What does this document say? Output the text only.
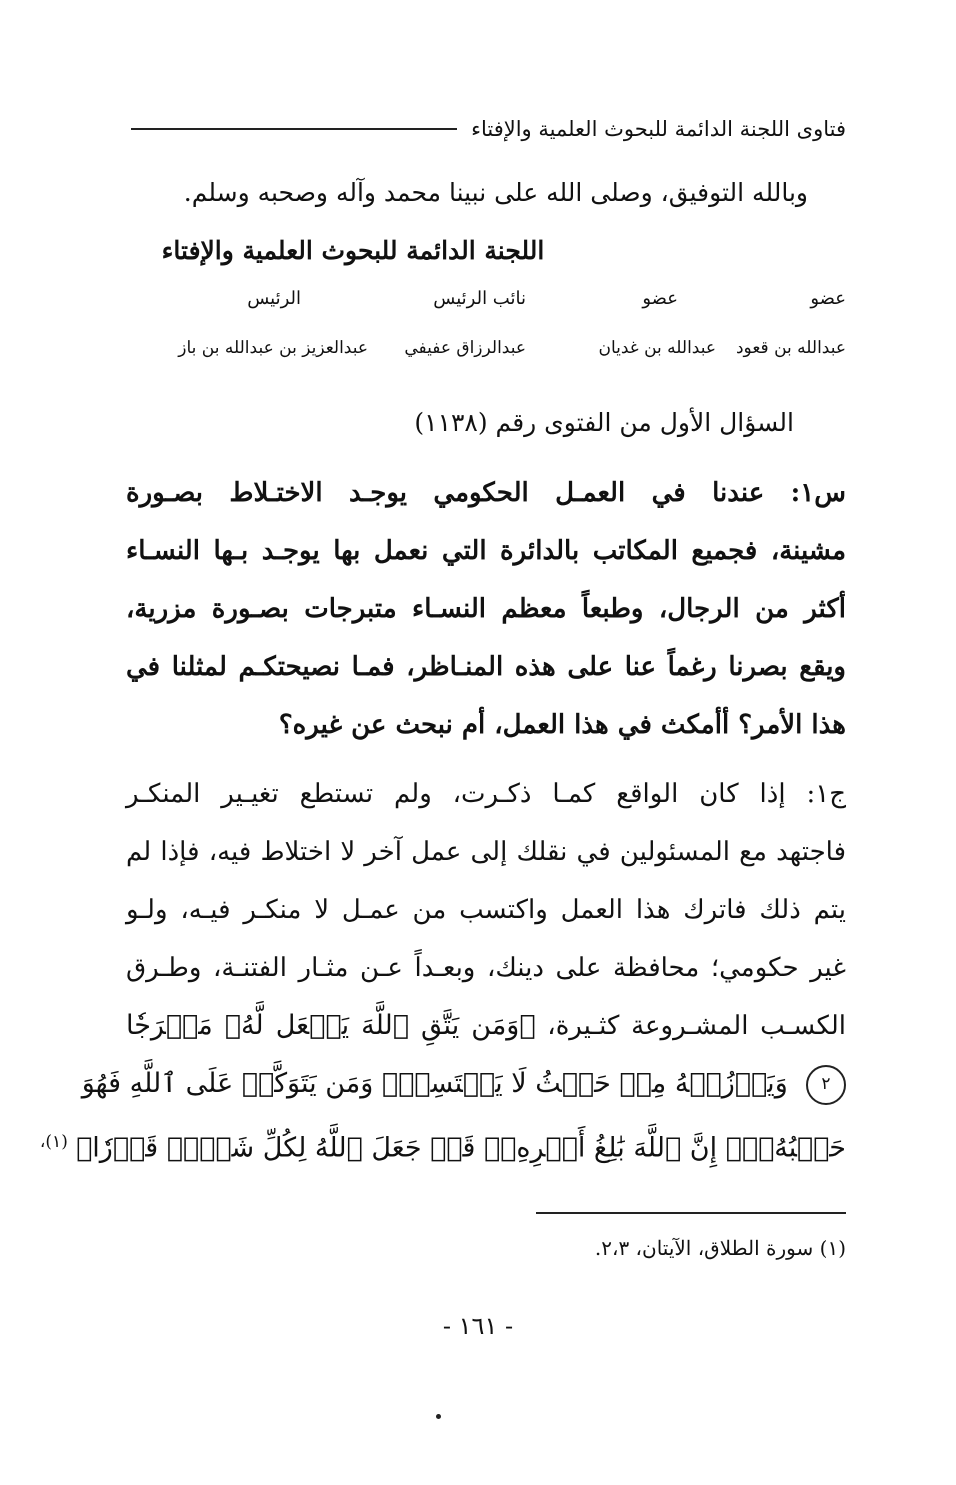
فتاوى اللجنة الدائمة للبحوث العلمية والإفتاء
وبالله التوفيق، وصلى الله على نبينا محمد وآله وصحبه وسلم.
اللجنة الدائمة للبحوث العلمية والإفتاء
عضو
عضو
نائب الرئيس
الرئيس
عبدالله بن قعود
عبدالله بن غديان
عبدالرزاق عفيفي
عبدالعزيز بن عبدالله بن باز
السؤال الأول من الفتوى رقم (١١٣٨)
س١: عندنا في العمـل الحكومي يوجـد الاختـلاط بصـورة
مشينة، فجميع المكاتب بالدائرة التي نعمل بها يوجـد بـها النسـاء
أكثر من الرجال، وطبعاً معظم النسـاء متبرجات بصـورة مزرية،
ويقع بصرنا رغماً عنا على هذه المنـاظر، فمـا نصيحتكـم لمثلنا في
هذا الأمر؟ أأمكث في هذا العمل، أم نبحث عن غيره؟
ج١: إذا كان الواقع كمـا ذكـرت، ولم تستطع تغيـير المنكـر
فاجتهد مع المسئولين في نقلك إلى عمل آخر لا اختلاط فيه، فإذا لم
يتم ذلك فاترك هذا العمل واكتسب من عمـل لا منكـر فيـه، ولـو
غير حكومي؛ محافظة على دينك، وبعـداً عـن مثـار الفتنـة، وطـرق
الكسـب المشـروعة كثـيرة، ﴿وَمَن يَتَّقِ ٱللَّهَ يَجۡعَل لَّهُۥ مَخۡرَجٗا
٢ وَيَرۡزُقۡهُ مِنۡ حَيۡثُ لَا يَحۡتَسِبُۚ وَمَن يَتَوَكَّلۡ عَلَى ٱللَّهِ فَهُوَ
حَسۡبُهُۥٓۚ إِنَّ ٱللَّهَ بَٰلِغُ أَمۡرِهِۦۚ قَدۡ جَعَلَ ٱللَّهُ لِكُلِّ شَيۡءٖ قَدۡرٗا﴾ $^{(١)،}$
(١) سورة الطلاق، الآيتان، ٢،٣.
- ١٦١ -
